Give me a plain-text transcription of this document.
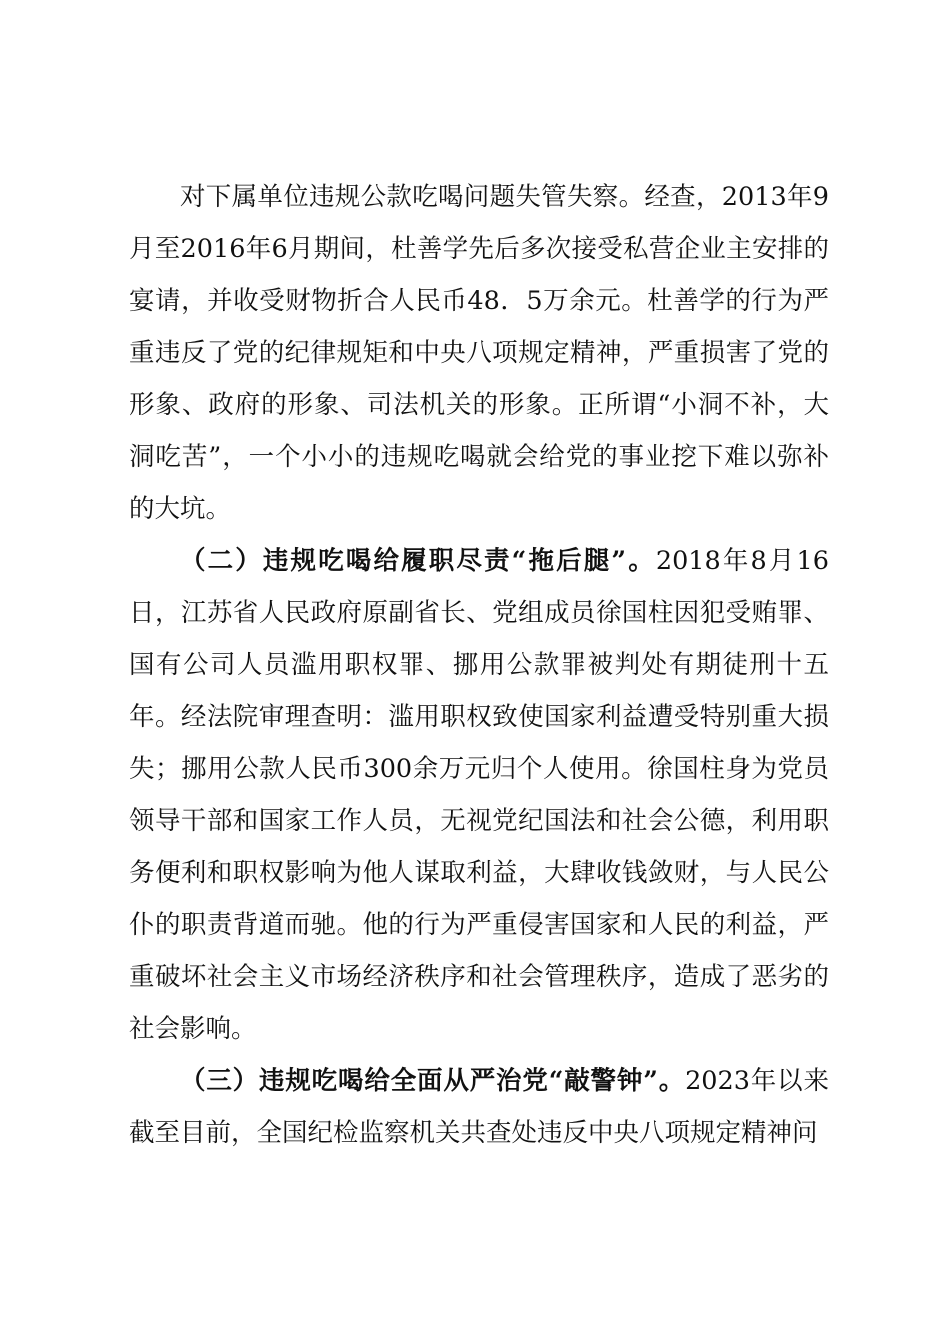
对下属单位违规公款吃喝问题失管失察。经查，2013年9月至2016年6月期间，杜善学先后多次接受私营企业主安排的宴请，并收受财物折合人民币48．5万余元。杜善学的行为严重违反了党的纪律规矩和中央八项规定精神，严重损害了党的形象、政府的形象、司法机关的形象。正所谓“小洞不补，大洞吃苦”，一个小小的违规吃喝就会给党的事业挖下难以弥补的大坑。

（二）违规吃喝给履职尽责“拖后腿”。2018年8月16日，江苏省人民政府原副省长、党组成员徐国柱因犯受贿罪、国有公司人员滥用职权罪、挪用公款罪被判处有期徒刑十五年。经法院审理查明：滥用职权致使国家利益遭受特别重大损失；挪用公款人民币300余万元归个人使用。徐国柱身为党员领导干部和国家工作人员，无视党纪国法和社会公德，利用职务便利和职权影响为他人谋取利益，大肆收钱敛财，与人民公仆的职责背道而驰。他的行为严重侵害国家和人民的利益，严重破坏社会主义市场经济秩序和社会管理秩序，造成了恶劣的社会影响。

（三）违规吃喝给全面从严治党“敲警钟”。2023年以来截至目前，全国纪检监察机关共查处违反中央八项规定精神问
